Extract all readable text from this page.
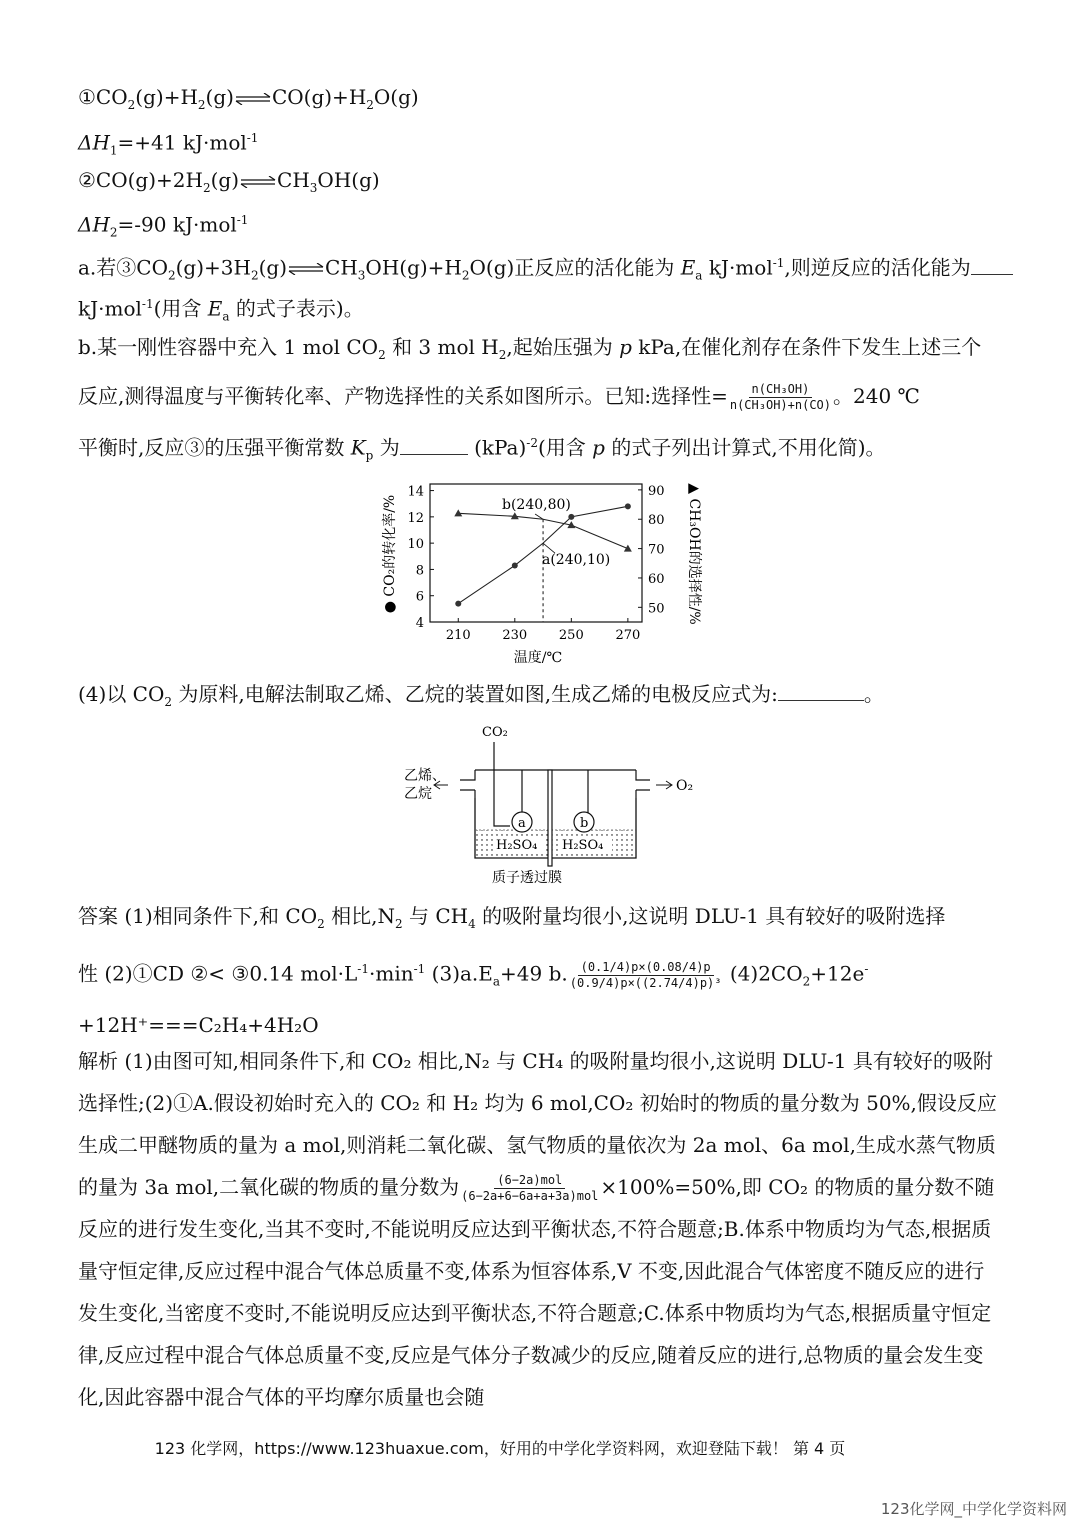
$①CO_2(g)+H_2(g)$ $CO(g)+H_2O(g)$
$\Delta H_1=+41$ kJ·mol$^{-1}$
$②CO(g)+2H_2(g)$ $CH_3OH(g)$
$\Delta H_2=-90$ kJ·mol$^{-1}$
a.若$③CO_2(g)+3H_2(g)$ $CH_3OH(g)+H_2O(g)$正反应的活化能为 $E_a$ kJ·mol$^{-1}$,则逆反应的活化能为
kJ·mol$^{-1}$(用含 $E_a$ 的式子表示)。
b.某一刚性容器中充入 1 mol $CO_2$ 和 3 mol $H_2$,起始压强为 p kPa,在催化剂存在条件下发生上述三个
反应,测得温度与平衡转化率、产物选择性的关系如图所示。已知:选择性= $\frac{\text{n(CH₃OH)}}{\text{n(CH₃OH)+n(CO)}}$ 。240 ℃
平衡时,反应③的压强平衡常数 $K_p$ 为	(kPa)$^{-2}$(用含 p 的式子列出计算式,不用化简)。
210 230 250 270
4
6
8
10
12
14
50
60
70
80
90
温度/℃
● CO₂的转化率/%	▲ CH₃OH的选择性/%
b(240,80)
a(240,10)
(4)以 $CO_2$ 为原料,电解法制取乙烯、乙烷的装置如图,生成乙烯的电极反应式为:	。
CO₂
乙烯、
乙烷	O₂
a	b
H₂SO₄ H₂SO₄
质子透过膜
答案 (1)相同条件下,和 $CO_2$ 相比$,N_2$ 与 $CH_4$ 的吸附量均很小,这说明 DLU-1 具有较好的吸附选择
性 (2)①CD ②< ③0.14 $mol\cdot L^{-1}\cdot\min^{-1}$ $(3)a.E_a+49$ b. $\frac{(0.1/4)p\times(0.08/4)p}{\text{(0.9/4)p×((2.74/4)p)³}} (4)2CO_2+12e^-$
+12H⁺===C₂H₄+4H₂O
解析 (1)由图可知,相同条件下,和 CO₂ 相比,N₂ 与 CH₄ 的吸附量均很小,这说明 DLU-1 具有较好的吸附选择性;(2)①A.假设初始时充入的 CO₂ 和 H₂ 均为 6 mol,CO₂ 初始时的物质的量分数为 50%,假设反应生成二甲醚物质的量为 a mol,则消耗二氧化碳、氢气物质的量依次为 2a mol、6a mol,生成水蒸气物质的量为 3a mol,二氧化碳的物质的量分数为 $\frac{\text{(6−2a)mol}}{\text{(6−2a+6−6a+a+3a)mol}} \times 100\%=50\%$,即 CO₂ 的物质的量分数不随反应的进行发生变化,当其不变时,不能说明反应达到平衡状态,不符合题意;B.体系中物质均为气态,根据质量守恒定律,反应过程中混合气体总质量不变,体系为恒容体系,V 不变,因此混合气体密度不随反应的进行发生变化,当密度不变时,不能说明反应达到平衡状态,不符合题意;C.体系中物质均为气态,根据质量守恒定律,反应过程中混合气体总质量不变,反应是气体分子数减少的反应,随着反应的进行,总物质的量会发生变化,因此容器中混合气体的平均摩尔质量也会随
123 化学网，https://www.123huaxue.com，好用的中学化学资料网，欢迎登陆下载！ 第 4 页
123化学网_中学化学资料网
